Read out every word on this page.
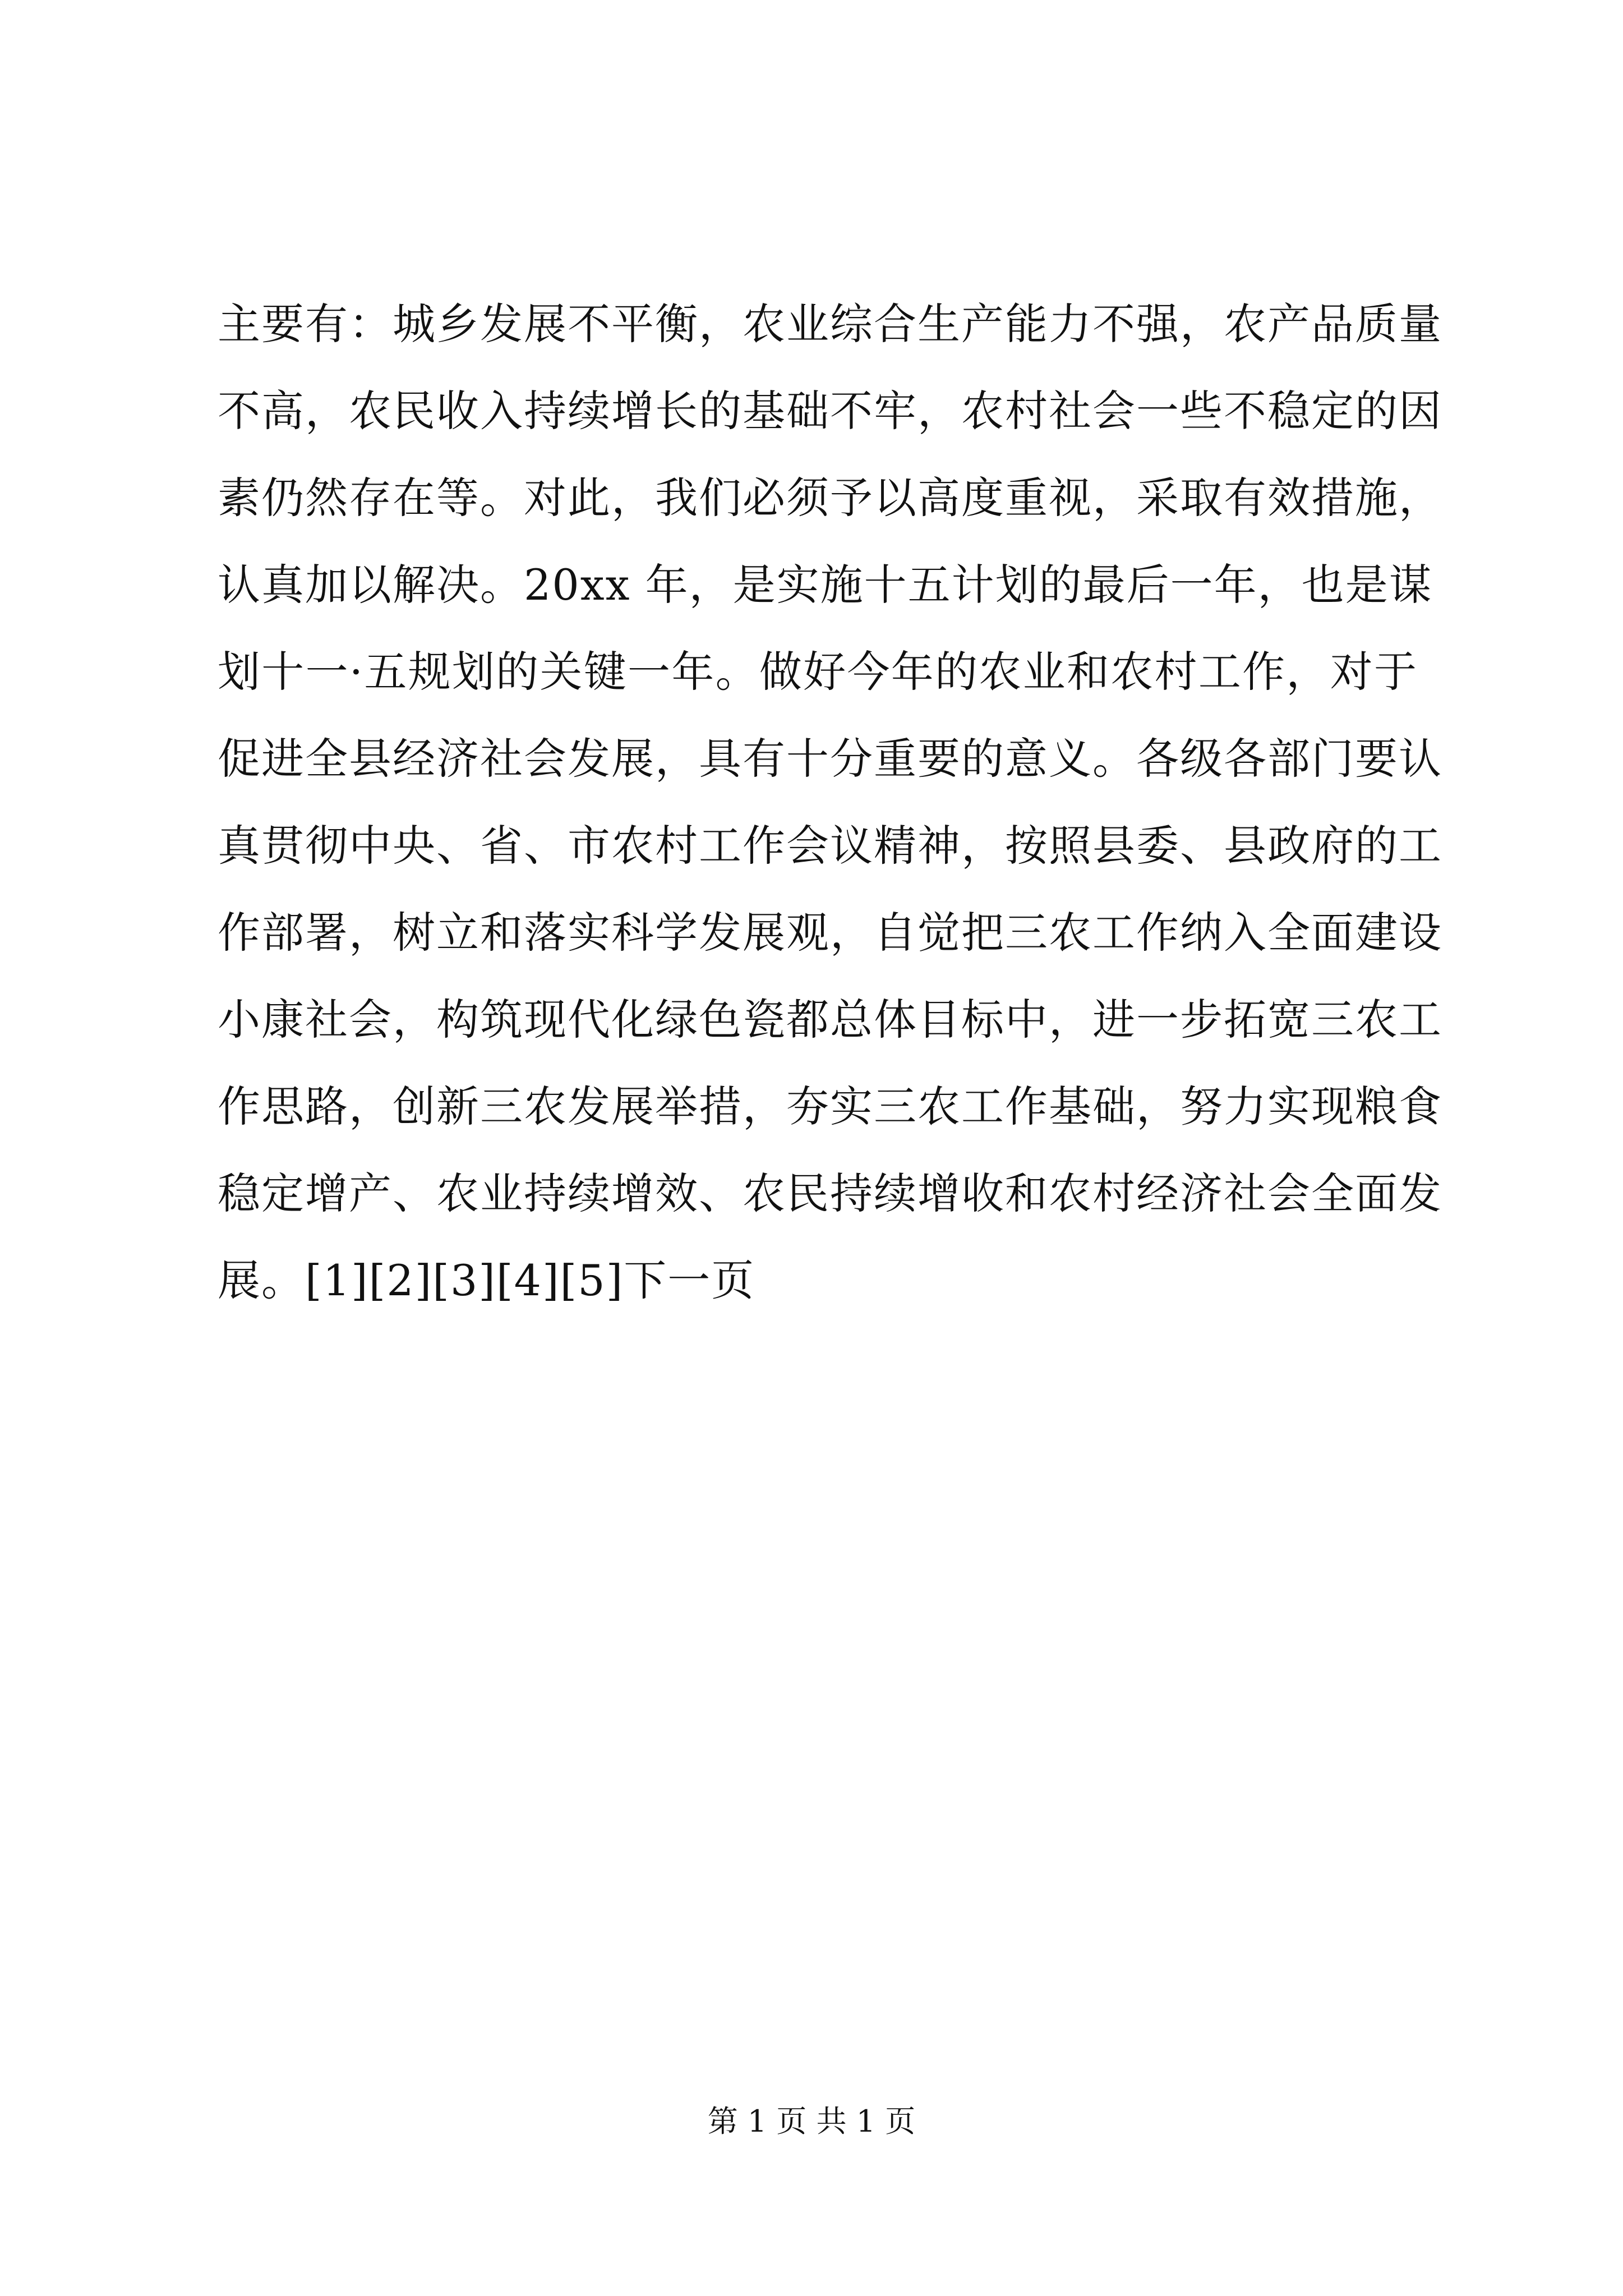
主要有：城乡发展不平衡，农业综合生产能力不强，农产品质量
不高，农民收入持续增长的基础不牢，农村社会一些不稳定的因
素仍然存在等。对此，我们必须予以高度重视，采取有效措施，
认真加以解决。20xx 年，是实施十五计划的最后一年，也是谋
划十一·五规划的关键一年。做好今年的农业和农村工作，对于
促进全县经济社会发展，具有十分重要的意义。各级各部门要认
真贯彻中央、省、市农村工作会议精神，按照县委、县政府的工
作部署，树立和落实科学发展观，自觉把三农工作纳入全面建设
小康社会，构筑现代化绿色瓷都总体目标中，进一步拓宽三农工
作思路，创新三农发展举措，夯实三农工作基础，努力实现粮食
稳定增产、农业持续增效、农民持续增收和农村经济社会全面发
展。[1][2][3][4][5]下一页
第 1 页 共 1 页
